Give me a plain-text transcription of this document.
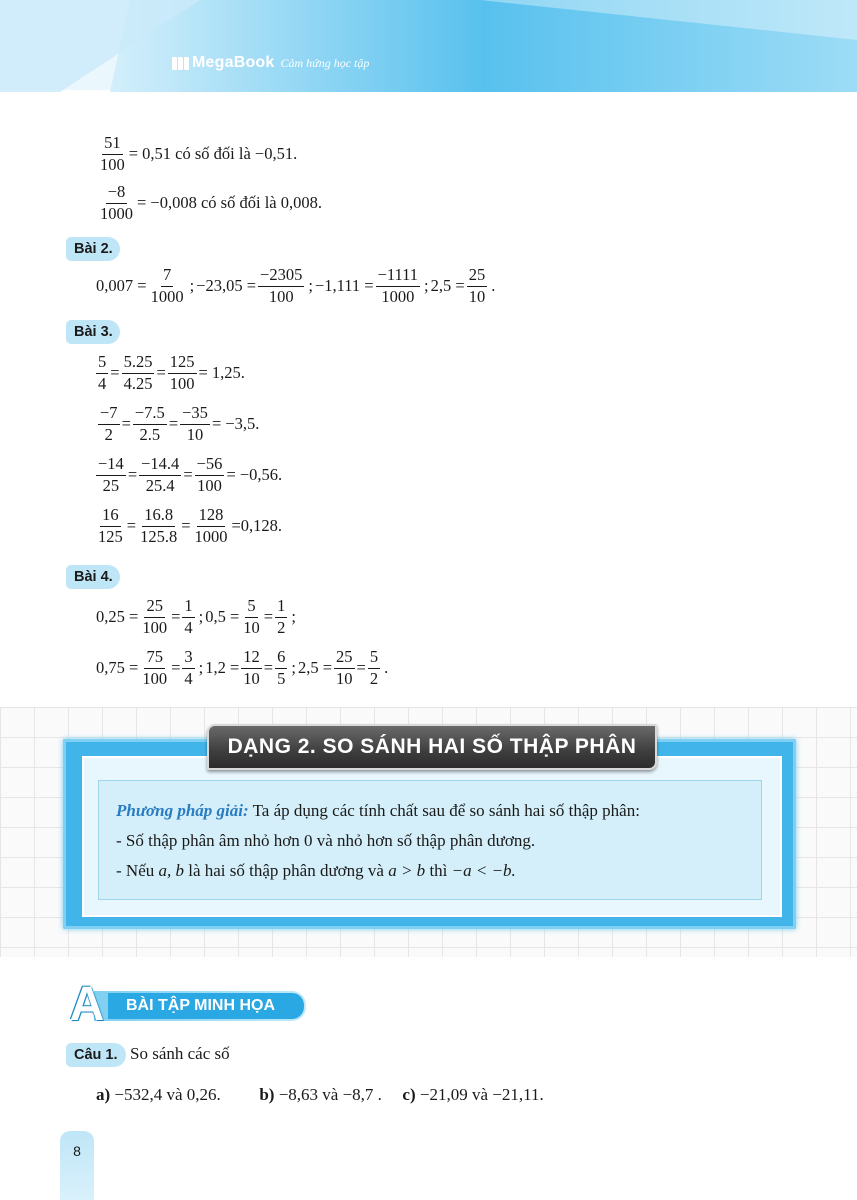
MegaBook Cảm hứng học tập
$\frac{51}{100} = 0,51$ có số đối là −0,51.
$\frac{-8}{1000} = -0,008$ có số đối là 0,008.
Bài 2.
$0,007 = \frac{7}{1000}$ ; $-23,05 = \frac{-2305}{100}$ ; $-1,111 = \frac{-1111}{1000}$ ; $2,5 = \frac{25}{10}$ .
Bài 3.
$\frac{5}{4} = \frac{5.25}{4.25} = \frac{125}{100} = 1,25$.
$\frac{-7}{2} = \frac{-7.5}{2.5} = \frac{-35}{10} = -3,5$.
$\frac{-14}{25} = \frac{-14.4}{25.4} = \frac{-56}{100} = -0,56$.
$\frac{16}{125} = \frac{16.8}{125.8} = \frac{128}{1000} =0,128$.
Bài 4.
$0,25 = \frac{25}{100} = \frac{1}{4}$ ; $0,5 = \frac{5}{10} = \frac{1}{2}$ ;
$0,75 = \frac{75}{100} = \frac{3}{4}$ ; $1,2 = \frac{12}{10} = \frac{6}{5}$ ; $2,5 = \frac{25}{10} = \frac{5}{2}$ .
DẠNG 2. SO SÁNH HAI SỐ THẬP PHÂN
Phương pháp giải: Ta áp dụng các tính chất sau để so sánh hai số thập phân:
- Số thập phân âm nhỏ hơn 0 và nhỏ hơn số thập phân dương.
- Nếu a, b là hai số thập phân dương và a > b thì −a < −b.
A	BÀI TẬP MINH HỌA
Câu 1. So sánh các số
a) −532,4 và 0,26. b) −8,63 và −8,7 . c) −21,09 và −21,11.
8
